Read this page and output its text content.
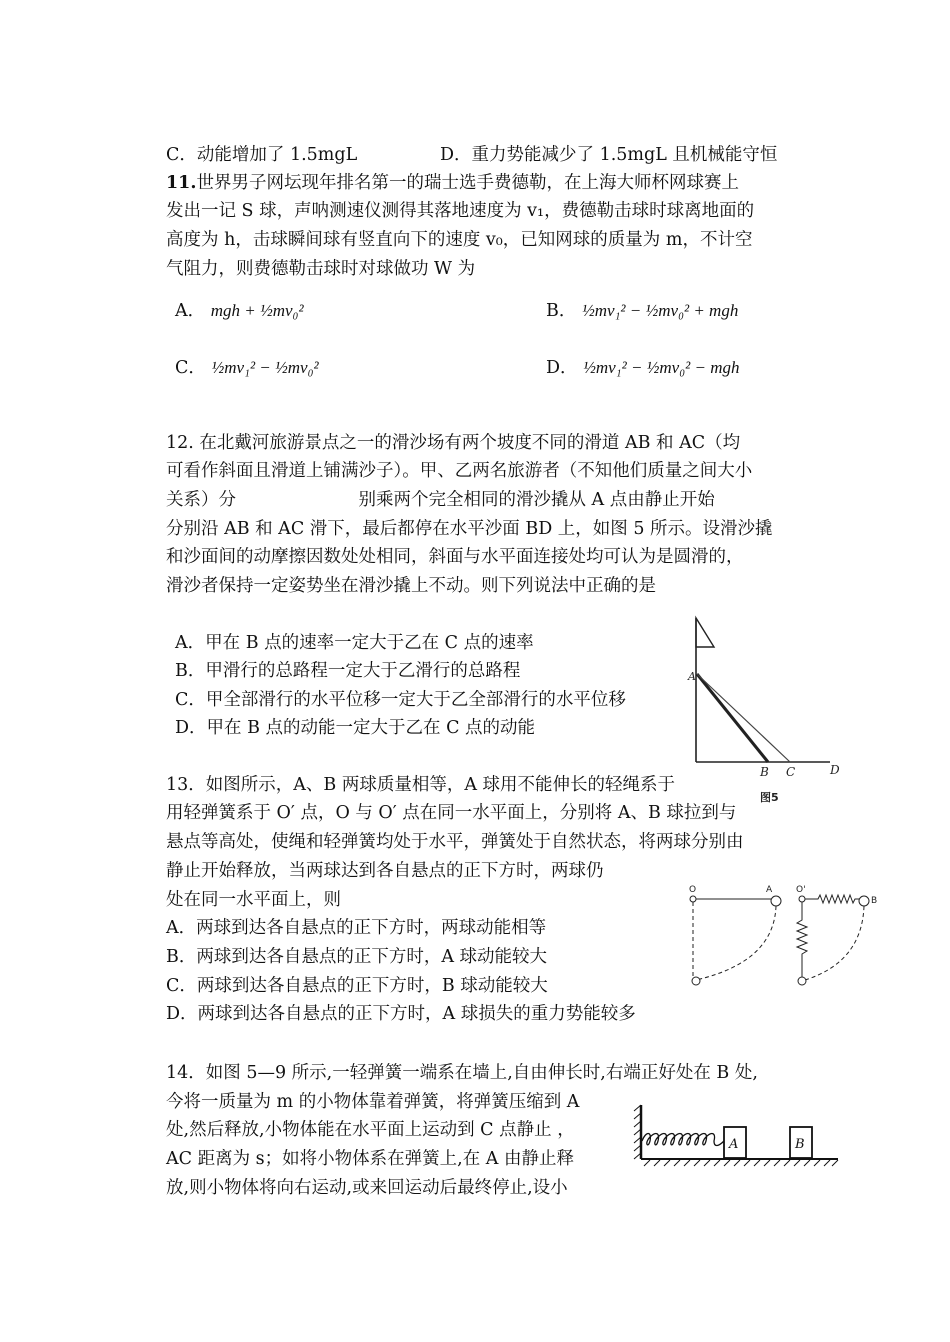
C．动能增加了 1.5mgL	D．重力势能减少了 1.5mgL 且机械能守恒
11.世界男子网坛现年排名第一的瑞士选手费德勒，在上海大师杯网球赛上
发出一记 S 球，声呐测速仪测得其落地速度为 v₁，费德勒击球时球离地面的
高度为 h，击球瞬间球有竖直向下的速度 v₀，已知网球的质量为 m，不计空
气阻力，则费德勒击球时对球做功 W 为
A． mgh + ½mv₀²	B． ½mv₁² − ½mv₀² + mgh
C． ½mv₁² − ½mv₀²	D． ½mv₁² − ½mv₀² − mgh
12. 在北戴河旅游景点之一的滑沙场有两个坡度不同的滑道 AB 和 AC（均
可看作斜面且滑道上铺满沙子）。甲、乙两名旅游者（不知他们质量之间大小
关系）分　　　　　　　别乘两个完全相同的滑沙撬从 A 点由静止开始
分别沿 AB 和 AC 滑下，最后都停在水平沙面 BD 上，如图 5 所示。设滑沙撬
和沙面间的动摩擦因数处处相同，斜面与水平面连接处均可认为是圆滑的，
滑沙者保持一定姿势坐在滑沙撬上不动。则下列说法中正确的是
A．甲在 B 点的速率一定大于乙在 C 点的速率
B．甲滑行的总路程一定大于乙滑行的总路程
C．甲全部滑行的水平位移一定大于乙全部滑行的水平位移
D．甲在 B 点的动能一定大于乙在 C 点的动能
A
B C	D
图5
13．如图所示，A、B 两球质量相等，A 球用不能伸长的轻绳系于
用轻弹簧系于 O′ 点，O 与 O′ 点在同一水平面上，分别将 A、B 球拉到与
悬点等高处，使绳和轻弹簧均处于水平，弹簧处于自然状态，将两球分别由
静止开始释放，当两球达到各自悬点的正下方时，两球仍
处在同一水平面上，则
A．两球到达各自悬点的正下方时，两球动能相等
B．两球到达各自悬点的正下方时，A 球动能较大
C．两球到达各自悬点的正下方时，B 球动能较大
D．两球到达各自悬点的正下方时，A 球损失的重力势能较多
O	A	O'
B
14．如图 5—9 所示,一轻弹簧一端系在墙上,自由伸长时,右端正好处在 B 处,
今将一质量为 m 的小物体靠着弹簧，将弹簧压缩到 A
处,然后释放,小物体能在水平面上运动到 C 点静止 ，
AC 距离为 s；如将小物体系在弹簧上,在 A 由静止释
放,则小物体将向右运动,或来回运动后最终停止,设小
A	B
